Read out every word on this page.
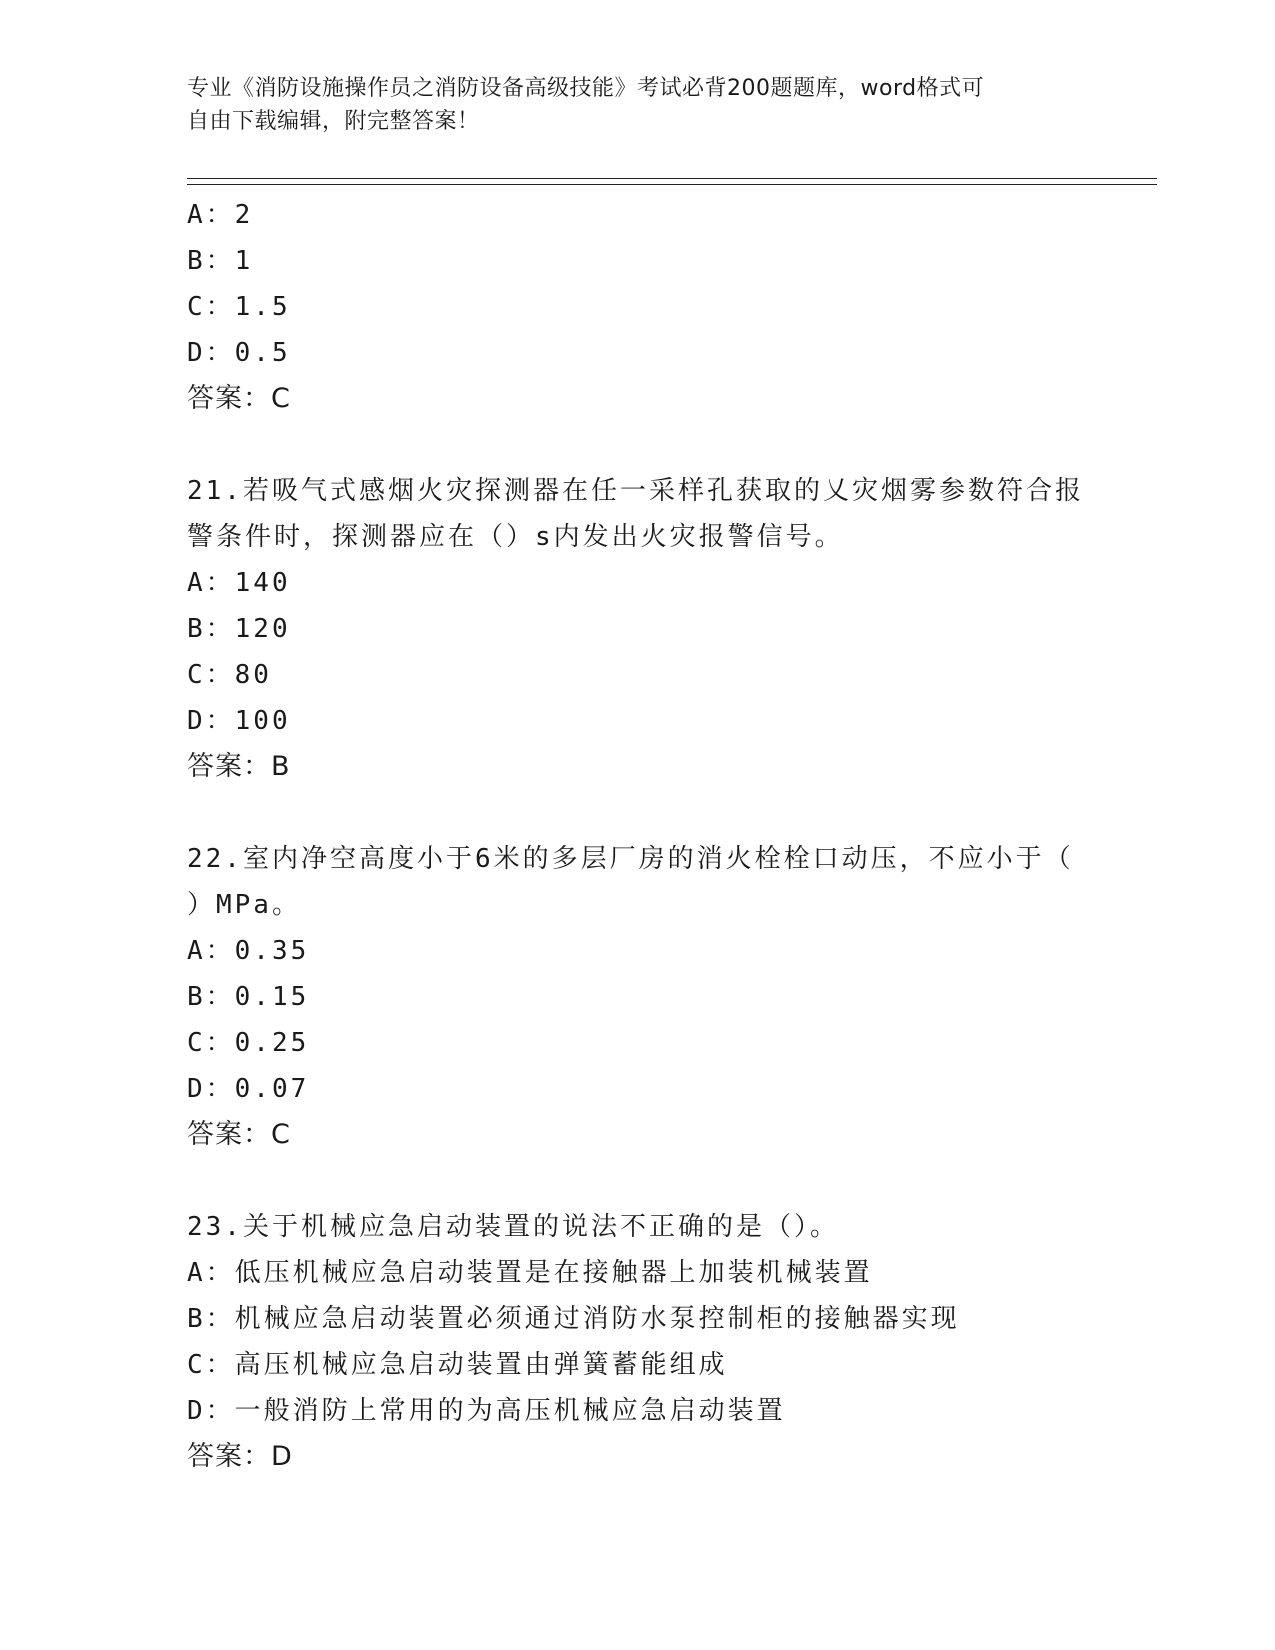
专业《消防设施操作员之消防设备高级技能》考试必背200题题库，word格式可
自由下载编辑，附完整答案！
A：2
B：1
C：1.5
D：0.5
答案：C
21.若吸气式感烟火灾探测器在任一采样孔获取的乂灾烟雾参数符合报
警条件时，探测器应在（）s内发出火灾报警信号。
A：140
B：120
C：80
D：100
答案：B
22.室内净空高度小于6米的多层厂房的消火栓栓口动压，不应小于（
）MPa。
A：0.35
B：0.15
C：0.25
D：0.07
答案：C
23.关于机械应急启动装置的说法不正确的是（）。
A：低压机械应急启动装置是在接触器上加装机械装置
B：机械应急启动装置必须通过消防水泵控制柜的接触器实现
C：高压机械应急启动装置由弹簧蓄能组成
D：一般消防上常用的为高压机械应急启动装置
答案：D
